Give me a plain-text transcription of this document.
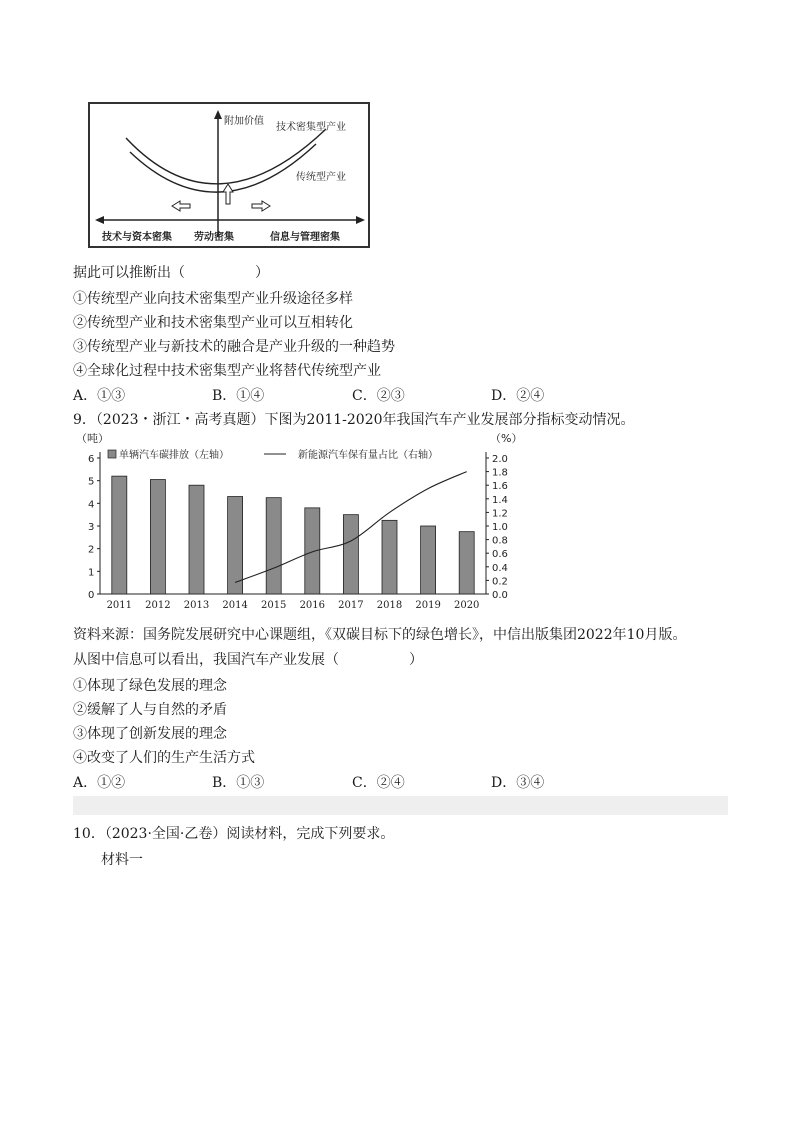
附加价值
技术密集型产业
传统型产业
技术与资本密集 劳动密集	信息与管理密集
据此可以推断出（　　　　　）
①传统型产业向技术密集型产业升级途径多样
②传统型产业和技术密集型产业可以互相转化
③传统型产业与新技术的融合是产业升级的一种趋势
④全球化过程中技术密集型产业将替代传统型产业
A．①③	B．①④	C．②③	D．②④
9．（2023・浙江・高考真题）下图为2011-2020年我国汽车产业发展部分指标变动情况。
（吨）	（%）
单辆汽车碳排放（左轴）	新能源汽车保有量占比（右轴）
0
1
2
3
4
5
6
0.0
0.2
0.4
0.6
0.8
1.0
1.2
1.4
1.6
1.8
2.0
2011 2012 2013 2014 2015 2016 2017 2018 2019 2020
资料来源：国务院发展研究中心课题组，《双碳目标下的绿色增长》，中信出版集团2022年10月版。
从图中信息可以看出，我国汽车产业发展（　　　　　）
①体现了绿色发展的理念
②缓解了人与自然的矛盾
③体现了创新发展的理念
④改变了人们的生产生活方式
A．①②	B．①③	C．②④	D．③④
10．（2023·全国·乙卷）阅读材料，完成下列要求。
材料一
